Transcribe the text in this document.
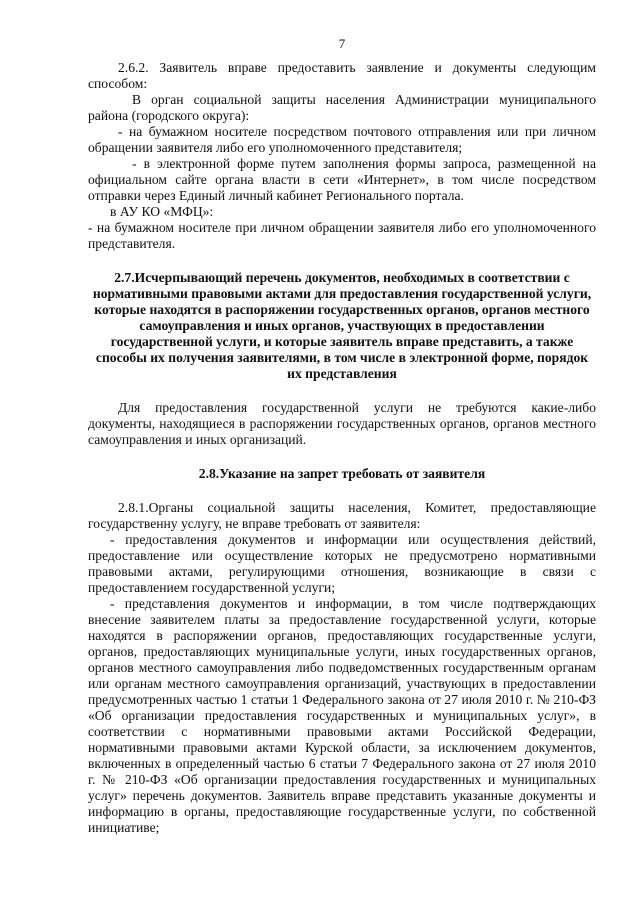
7

2.6.2. Заявитель вправе предоставить заявление и документы следующим способом:

В орган социальной защиты населения Администрации муниципального района (городского округа):

- на бумажном носителе посредством почтового отправления или при личном обращении заявителя либо его уполномоченного представителя;

- в электронной форме путем заполнения формы запроса, размещенной на официальном сайте органа власти в сети «Интернет», в том числе посредством отправки через Единый личный кабинет Регионального портала.

в АУ КО «МФЦ»:

- на бумажном носителе при личном обращении заявителя либо его уполномоченного представителя.

2.7.Исчерпывающий перечень документов, необходимых в соответствии с нормативными правовыми актами для предоставления государственной услуги, которые находятся в распоряжении государственных органов, органов местного самоуправления и иных органов, участвующих в предоставлении государственной услуги, и которые заявитель вправе представить, а также способы их получения заявителями, в том числе в электронной форме, порядок их представления

Для предоставления государственной услуги не требуются какие-либо документы, находящиеся в распоряжении государственных органов, органов местного самоуправления и иных организаций.

2.8.Указание на запрет требовать от заявителя

2.8.1.Органы социальной защиты населения, Комитет, предоставляющие государственну услугу, не вправе требовать от заявителя:

- предоставления документов и информации или осуществления действий, предоставление или осуществление которых не предусмотрено нормативными правовыми актами, регулирующими отношения, возникающие в связи с предоставлением государственной услуги;

- представления документов и информации, в том числе подтверждающих внесение заявителем платы за предоставление государственной услуги, которые находятся в распоряжении органов, предоставляющих государственные услуги, органов, предоставляющих муниципальные услуги, иных государственных органов, органов местного самоуправления либо подведомственных государственным органам или органам местного самоуправления организаций, участвующих в предоставлении предусмотренных частью 1 статьи 1 Федерального закона от 27 июля 2010 г. № 210-ФЗ «Об организации предоставления государственных и муниципальных услуг», в соответствии с нормативными правовыми актами Российской Федерации, нормативными правовыми актами Курской области, за исключением документов, включенных в определенный частью 6 статьи 7 Федерального закона от 27 июля 2010 г. № 210-ФЗ «Об организации предоставления государственных и муниципальных услуг» перечень документов. Заявитель вправе представить указанные документы и информацию в органы, предоставляющие государственные услуги, по собственной инициативе;
